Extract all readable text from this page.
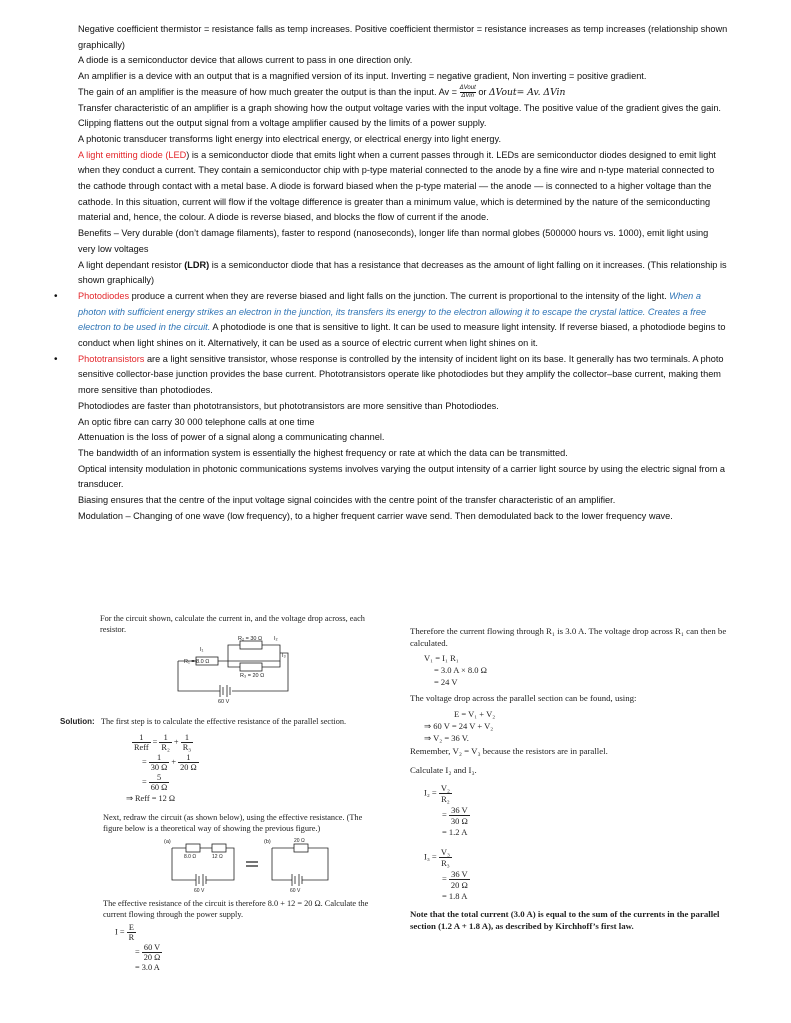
Negative coefficient thermistor = resistance falls as temp increases. Positive coefficient thermistor = resistance increases as temp increases (relationship shown graphically)

A diode is a semiconductor device that allows current to pass in one direction only.

An amplifier is a device with an output that is a magnified version of its input. Inverting = negative gradient, Non inverting = positive gradient.

The gain of an amplifier is the measure of how much greater the output is than the input. $Av = \frac{\text{ΔVout}}{\text{ΔVin}}$ or ΔVout= Av. ΔVin

Transfer characteristic of an amplifier is a graph showing how the output voltage varies with the input voltage. The positive value of the gradient gives the gain.

Clipping flattens out the output signal from a voltage amplifier caused by the limits of a power supply.

A photonic transducer transforms light energy into electrical energy, or electrical energy into light energy.

A light emitting diode (LED) is a semiconductor diode that emits light when a current passes through it. LEDs are semiconductor diodes designed to emit light when they conduct a current. They contain a semiconductor chip with p-type material connected to the anode by a fine wire and n-type material connected to the cathode through contact with a metal base. A diode is forward biased when the p-type material — the anode — is connected to a higher voltage than the cathode. In this situation, current will flow if the voltage difference is greater than a minimum value, which is determined by the nature of the semiconducting material and, hence, the colour. A diode is reverse biased, and blocks the flow of current if the anode.

Benefits – Very durable (don’t damage filaments), faster to respond (nanoseconds), longer life than normal globes (500000 hours vs. 1000), emit light using very low voltages

A light dependant resistor (LDR) is a semiconductor diode that has a resistance that decreases as the amount of light falling on it increases. (This relationship is shown graphically)

• Photodiodes produce a current when they are reverse biased and light falls on the junction. The current is proportional to the intensity of the light. When a photon with sufficient energy strikes an electron in the junction, its transfers its energy to the electron allowing it to escape the crystal lattice. Creates a free electron to be used in the circuit. A photodiode is one that is sensitive to light. It can be used to measure light intensity. If reverse biased, a photodiode begins to conduct when light shines on it. Alternatively, it can be used as a source of electric current when light shines on it.

• Phototransistors are a light sensitive transistor, whose response is controlled by the intensity of incident light on its base. It generally has two terminals. A photo sensitive collector-base junction provides the base current. Phototransistors operate like photodiodes but they amplify the collector–base current, making them more sensitive than photodiodes.

Photodiodes are faster than phototransistors, but phototransistors are more sensitive than Photodiodes.

An optic fibre can carry 30 000 telephone calls at one time

Attenuation is the loss of power of a signal along a communicating channel.

The bandwidth of an information system is essentially the highest frequency or rate at which the data can be transmitted.

Optical intensity modulation in photonic communications systems involves varying the output intensity of a carrier light source by using the electric signal from a transducer.

Biasing ensures that the centre of the input voltage signal coincides with the centre point of the transfer characteristic of an amplifier.

Modulation – Changing of one wave (low frequency), to a higher frequent carrier wave send. Then demodulated back to the lower frequency wave.

For the circuit shown, calculate the current in, and the voltage drop across, each resistor.

R₁ = 8.0 Ω
R₂ = 30 Ω
R₃ = 20 Ω
I₁
I₂
I₃
60 V

Solution: The first step is to calculate the effective resistance of the parallel section.

1
Reff
= $\frac{1}{\text{R₂}} + \frac{1}{\text{R₃}}$
= $\frac{1}{30 \Omega} + \frac{1}{20 \Omega}$
= $\frac{5}{60 \Omega}$
⇒ Reff = 12 Ω

Next, redraw the circuit (as shown below), using the effective resistance. (The figure below is a theoretical way of showing the previous figure.)

(a)	(b)
8.0 Ω	12 Ω
20 Ω
60 V	60 V

The effective resistance of the circuit is therefore 8.0 + 12 = 20 Ω. Calculate the current flowing through the power supply.

$I = \frac{E}{R}$
= $\frac{60 V}{20 \Omega}$
= 3.0 A

Therefore the current flowing through R₁ is 3.0 A. The voltage drop across R₁ can then be calculated.

V₁ = I₁ R₁
= 3.0 A × 8.0 Ω
= 24 V

The voltage drop across the parallel section can be found, using:

E = V₁ + V₂
⇒ 60 V = 24 V + V₂
⇒ V₂ = 36 V.

Remember, V₂ = V₃ because the resistors are in parallel.

Calculate I₂ and I₃.

$I_2 = \frac{\text{V₂}}{\text{R₂}}$
= $\frac{36 V}{30 \Omega}$
= 1.2 A
$I_3 = \frac{\text{V₃}}{\text{R₃}}$
= $\frac{36 V}{20 \Omega}$
= 1.8 A

Note that the total current (3.0 A) is equal to the sum of the currents in the parallel section (1.2 A + 1.8 A), as described by Kirchhoff’s first law.
